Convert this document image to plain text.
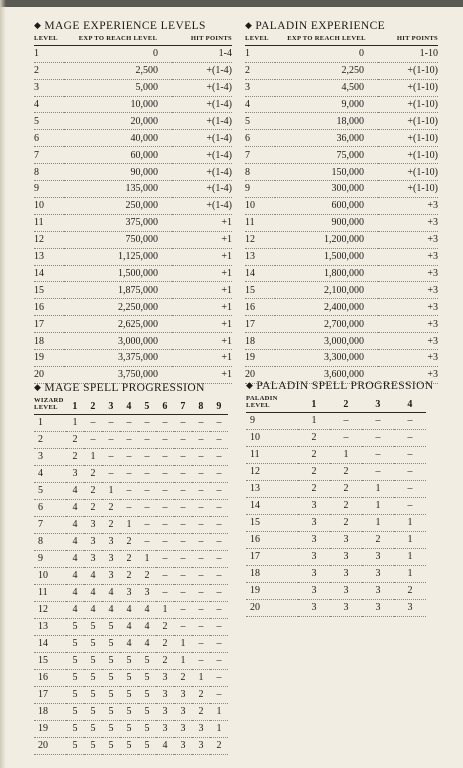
◆ MAGE EXPERIENCE LEVELS
LEVEL	EXP TO REACH LEVEL	HIT POINTS
1	0	1-4
2	2,500	+(1-4)
3	5,000	+(1-4)
4	10,000	+(1-4)
5	20,000	+(1-4)
6	40,000	+(1-4)
7	60,000	+(1-4)
8	90,000	+(1-4)
9	135,000	+(1-4)
10	250,000	+(1-4)
11	375,000	+1
12	750,000	+1
13	1,125,000	+1
14	1,500,000	+1
15	1,875,000	+1
16	2,250,000	+1
17	2,625,000	+1
18	3,000,000	+1
19	3,375,000	+1
20	3,750,000	+1
◆ PALADIN EXPERIENCE
LEVEL	EXP TO REACH LEVEL	HIT POINTS
1	0	1-10
2	2,250	+(1-10)
3	4,500	+(1-10)
4	9,000	+(1-10)
5	18,000	+(1-10)
6	36,000	+(1-10)
7	75,000	+(1-10)
8	150,000	+(1-10)
9	300,000	+(1-10)
10	600,000	+3
11	900,000	+3
12	1,200,000	+3
13	1,500,000	+3
14	1,800,000	+3
15	2,100,000	+3
16	2,400,000	+3
17	2,700,000	+3
18	3,000,000	+3
19	3,300,000	+3
20	3,600,000	+3
◆ MAGE SPELL PROGRESSION
WIZARD LEVEL	1	2	3	4	5	6	7	8	9
1	1	–	–	–	–	–	–	–	–
2	2	–	–	–	–	–	–	–	–
3	2	1	–	–	–	–	–	–	–
4	3	2	–	–	–	–	–	–	–
5	4	2	1	–	–	–	–	–	–
6	4	2	2	–	–	–	–	–	–
7	4	3	2	1	–	–	–	–	–
8	4	3	3	2	–	–	–	–	–
9	4	3	3	2	1	–	–	–	–
10	4	4	3	2	2	–	–	–	–
11	4	4	4	3	3	–	–	–	–
12	4	4	4	4	4	1	–	–	–
13	5	5	5	4	4	2	–	–	–
14	5	5	5	4	4	2	1	–	–
15	5	5	5	5	5	2	1	–	–
16	5	5	5	5	5	3	2	1	–
17	5	5	5	5	5	3	3	2	–
18	5	5	5	5	5	3	3	2	1
19	5	5	5	5	5	3	3	3	1
20	5	5	5	5	5	4	3	3	2
◆ PALADIN SPELL PROGRESSION
PALADIN LEVEL	1	2	3	4
9	1	–	–	–
10	2	–	–	–
11	2	1	–	–
12	2	2	–	–
13	2	2	1	–
14	3	2	1	–
15	3	2	1	1
16	3	3	2	1
17	3	3	3	1
18	3	3	3	1
19	3	3	3	2
20	3	3	3	3
